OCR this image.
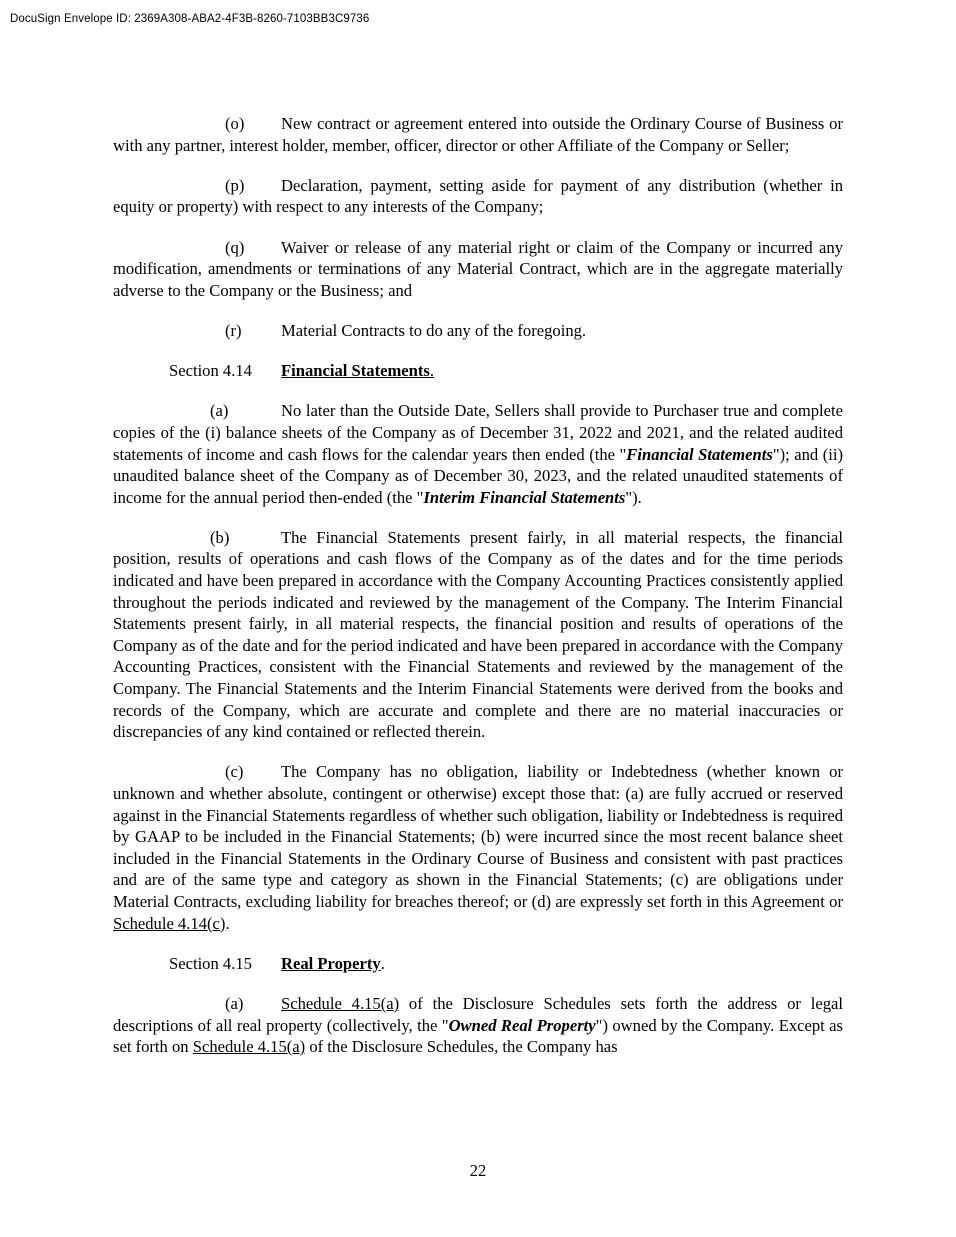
DocuSign Envelope ID: 2369A308-ABA2-4F3B-8260-7103BB3C9736

(o) New contract or agreement entered into outside the Ordinary Course of Business or with any partner, interest holder, member, officer, director or other Affiliate of the Company or Seller;

(p) Declaration, payment, setting aside for payment of any distribution (whether in equity or property) with respect to any interests of the Company;

(q) Waiver or release of any material right or claim of the Company or incurred any modification, amendments or terminations of any Material Contract, which are in the aggregate materially adverse to the Company or the Business; and

(r) Material Contracts to do any of the foregoing.

Section 4.14 Financial Statements.

(a)	No later than the Outside Date, Sellers shall provide to Purchaser true and complete copies of the (i) balance sheets of the Company as of December 31, 2022 and 2021, and the related audited statements of income and cash flows for the calendar years then ended (the "Financial Statements"); and (ii) unaudited balance sheet of the Company as of December 30, 2023, and the related unaudited statements of income for the annual period then-ended (the "Interim Financial Statements").

(b)	The Financial Statements present fairly, in all material respects, the financial position, results of operations and cash flows of the Company as of the dates and for the time periods indicated and have been prepared in accordance with the Company Accounting Practices consistently applied throughout the periods indicated and reviewed by the management of the Company. The Interim Financial Statements present fairly, in all material respects, the financial position and results of operations of the Company as of the date and for the period indicated and have been prepared in accordance with the Company Accounting Practices, consistent with the Financial Statements and reviewed by the management of the Company. The Financial Statements and the Interim Financial Statements were derived from the books and records of the Company, which are accurate and complete and there are no material inaccuracies or discrepancies of any kind contained or reflected therein.

(c) The Company has no obligation, liability or Indebtedness (whether known or unknown and whether absolute, contingent or otherwise) except those that: (a) are fully accrued or reserved against in the Financial Statements regardless of whether such obligation, liability or Indebtedness is required by GAAP to be included in the Financial Statements; (b) were incurred since the most recent balance sheet included in the Financial Statements in the Ordinary Course of Business and consistent with past practices and are of the same type and category as shown in the Financial Statements; (c) are obligations under Material Contracts, excluding liability for breaches thereof; or (d) are expressly set forth in this Agreement or Schedule 4.14(c).

Section 4.15 Real Property.

(a) Schedule 4.15(a) of the Disclosure Schedules sets forth the address or legal descriptions of all real property (collectively, the "Owned Real Property") owned by the Company. Except as set forth on Schedule 4.15(a) of the Disclosure Schedules, the Company has

22
